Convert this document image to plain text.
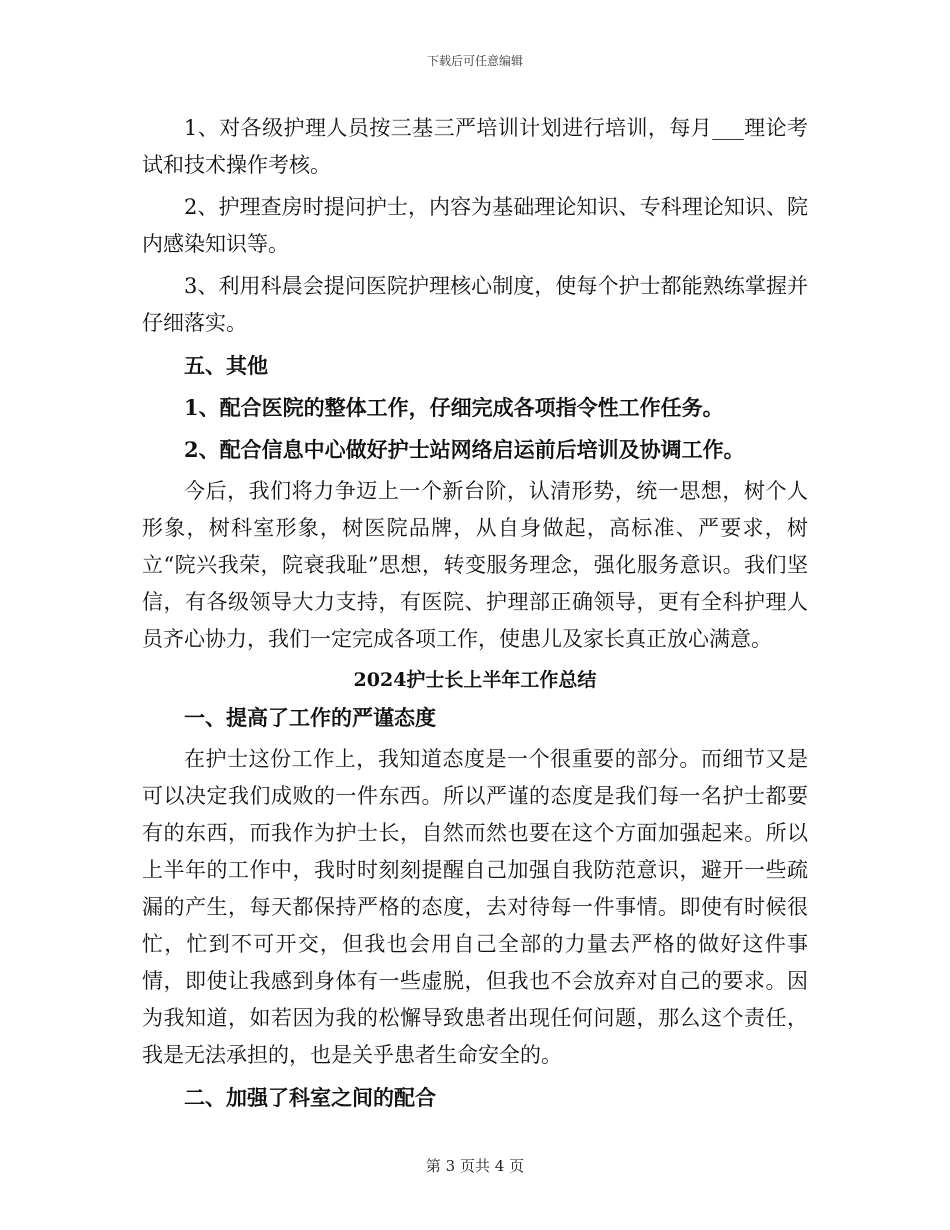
下载后可任意编辑

1、对各级护理人员按三基三严培训计划进行培训，每月___理论考试和技术操作考核。

2、护理查房时提问护士，内容为基础理论知识、专科理论知识、院内感染知识等。

3、利用科晨会提问医院护理核心制度，使每个护士都能熟练掌握并仔细落实。

五、其他

1、配合医院的整体工作，仔细完成各项指令性工作任务。

2、配合信息中心做好护士站网络启运前后培训及协调工作。

今后，我们将力争迈上一个新台阶，认清形势，统一思想，树个人形象，树科室形象，树医院品牌，从自身做起，高标准、严要求，树立“院兴我荣，院衰我耻”思想，转变服务理念，强化服务意识。我们坚信，有各级领导大力支持，有医院、护理部正确领导，更有全科护理人员齐心协力，我们一定完成各项工作，使患儿及家长真正放心满意。

2024护士长上半年工作总结

一、提高了工作的严谨态度

在护士这份工作上，我知道态度是一个很重要的部分。而细节又是可以决定我们成败的一件东西。所以严谨的态度是我们每一名护士都要有的东西，而我作为护士长，自然而然也要在这个方面加强起来。所以上半年的工作中，我时时刻刻提醒自己加强自我防范意识，避开一些疏漏的产生，每天都保持严格的态度，去对待每一件事情。即使有时候很忙，忙到不可开交，但我也会用自己全部的力量去严格的做好这件事情，即使让我感到身体有一些虚脱，但我也不会放弃对自己的要求。因为我知道，如若因为我的松懈导致患者出现任何问题，那么这个责任，我是无法承担的，也是关乎患者生命安全的。

二、加强了科室之间的配合

第 3 页共 4 页
